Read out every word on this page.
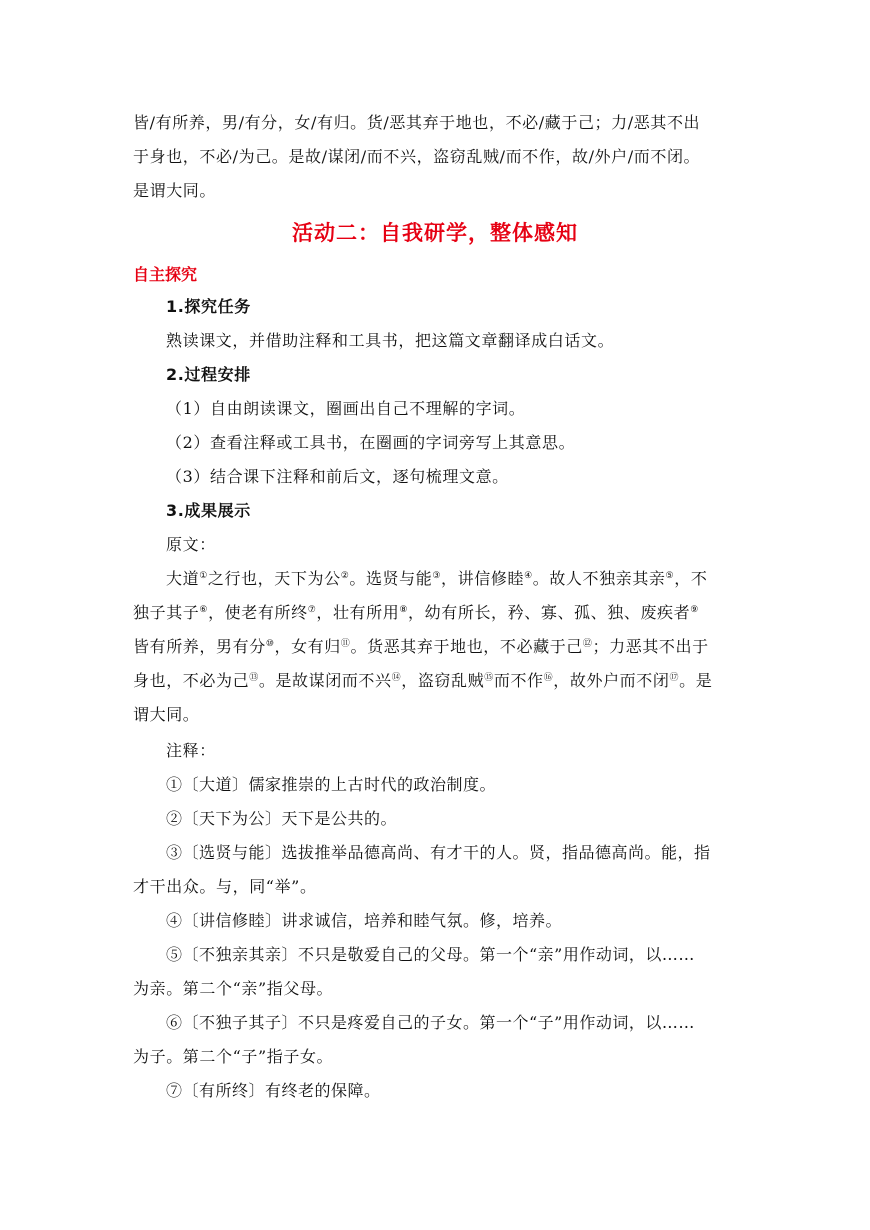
皆/有所养，男/有分，女/有归。货/恶其弃于地也，不必/藏于己；力/恶其不出
于身也，不必/为己。是故/谋闭/而不兴，盗窃乱贼/而不作，故/外户/而不闭。
是谓大同。
活动二：自我研学，整体感知
自主探究
1.探究任务
熟读课文，并借助注释和工具书，把这篇文章翻译成白话文。
2.过程安排
（1）自由朗读课文，圈画出自己不理解的字词。
（2）查看注释或工具书，在圈画的字词旁写上其意思。
（3）结合课下注释和前后文，逐句梳理文意。
3.成果展示
原文：
大道①之行也，天下为公②。选贤与能③，讲信修睦④。故人不独亲其亲⑤，不
独子其子⑥，使老有所终⑦，壮有所用⑧，幼有所长，矜、寡、孤、独、废疾者⑨
皆有所养，男有分⑩，女有归⑪。货恶其弃于地也，不必藏于己⑫；力恶其不出于
身也，不必为己⑬。是故谋闭而不兴⑭，盗窃乱贼⑮而不作⑯，故外户而不闭⑰。是
谓大同。
注释：
①〔大道〕儒家推崇的上古时代的政治制度。
②〔天下为公〕天下是公共的。
③〔选贤与能〕选拔推举品德高尚、有才干的人。贤，指品德高尚。能，指
才干出众。与，同“举”。
④〔讲信修睦〕讲求诚信，培养和睦气氛。修，培养。
⑤〔不独亲其亲〕不只是敬爱自己的父母。第一个“亲”用作动词，以……
为亲。第二个“亲”指父母。
⑥〔不独子其子〕不只是疼爱自己的子女。第一个“子”用作动词，以……
为子。第二个“子”指子女。
⑦〔有所终〕有终老的保障。
